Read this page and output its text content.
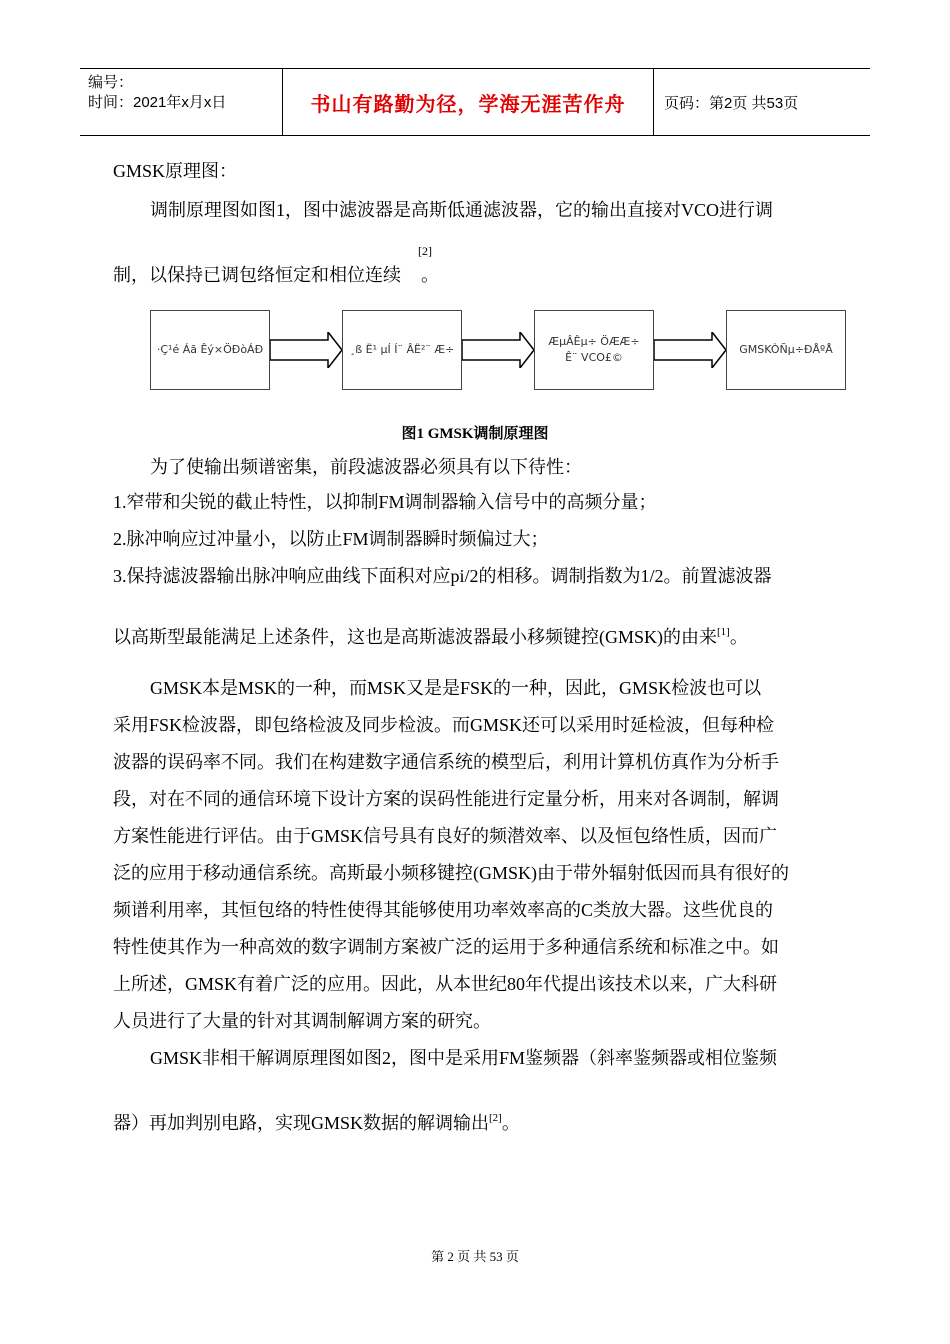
编号：
时间：2021年x月x日	书山有路勤为径，学海无涯苦作舟	页码：第2页 共53页
GMSK原理图：
调制原理图如图1，图中滤波器是高斯低通滤波器，它的输出直接对VCO进行调
[2]
制，以保持已调包络恒定和相位连续 。
·Ç¹é Áã Êý×ÖÐòÁÐ	¸ß Ë¹ µÍ Í¨ ÂË²¨ Æ÷
ÆµÂÊµ÷ ÖÆÆ÷
Ê¨ VCO£©
GMSKÒÑµ÷ÐÅºÅ
图1 GMSK调制原理图
为了使输出频谱密集，前段滤波器必须具有以下待性：
1.窄带和尖锐的截止特性，以抑制FM调制器输入信号中的高频分量；
2.脉冲响应过冲量小，以防止FM调制器瞬时频偏过大；
3.保持滤波器输出脉冲响应曲线下面积对应pi/2的相移。调制指数为1/2。前置滤波器
以高斯型最能满足上述条件，这也是高斯滤波器最小移频键控(GMSK)的由来[1]。
GMSK本是MSK的一种，而MSK又是是FSK的一种，因此，GMSK检波也可以
采用FSK检波器，即包络检波及同步检波。而GMSK还可以采用时延检波，但每种检
波器的误码率不同。我们在构建数字通信系统的模型后，利用计算机仿真作为分析手
段，对在不同的通信环境下设计方案的误码性能进行定量分析，用来对各调制，解调
方案性能进行评估。由于GMSK信号具有良好的频潜效率、以及恒包络性质，因而广
泛的应用于移动通信系统。高斯最小频移键控(GMSK)由于带外辐射低因而具有很好的
频谱利用率，其恒包络的特性使得其能够使用功率效率高的C类放大器。这些优良的
特性使其作为一种高效的数字调制方案被广泛的运用于多种通信系统和标准之中。如
上所述，GMSK有着广泛的应用。因此，从本世纪80年代提出该技术以来，广大科研
人员进行了大量的针对其调制解调方案的研究。
GMSK非相干解调原理图如图2，图中是采用FM鉴频器（斜率鉴频器或相位鉴频
器）再加判别电路，实现GMSK数据的解调输出[2]。
第 2 页 共 53 页
